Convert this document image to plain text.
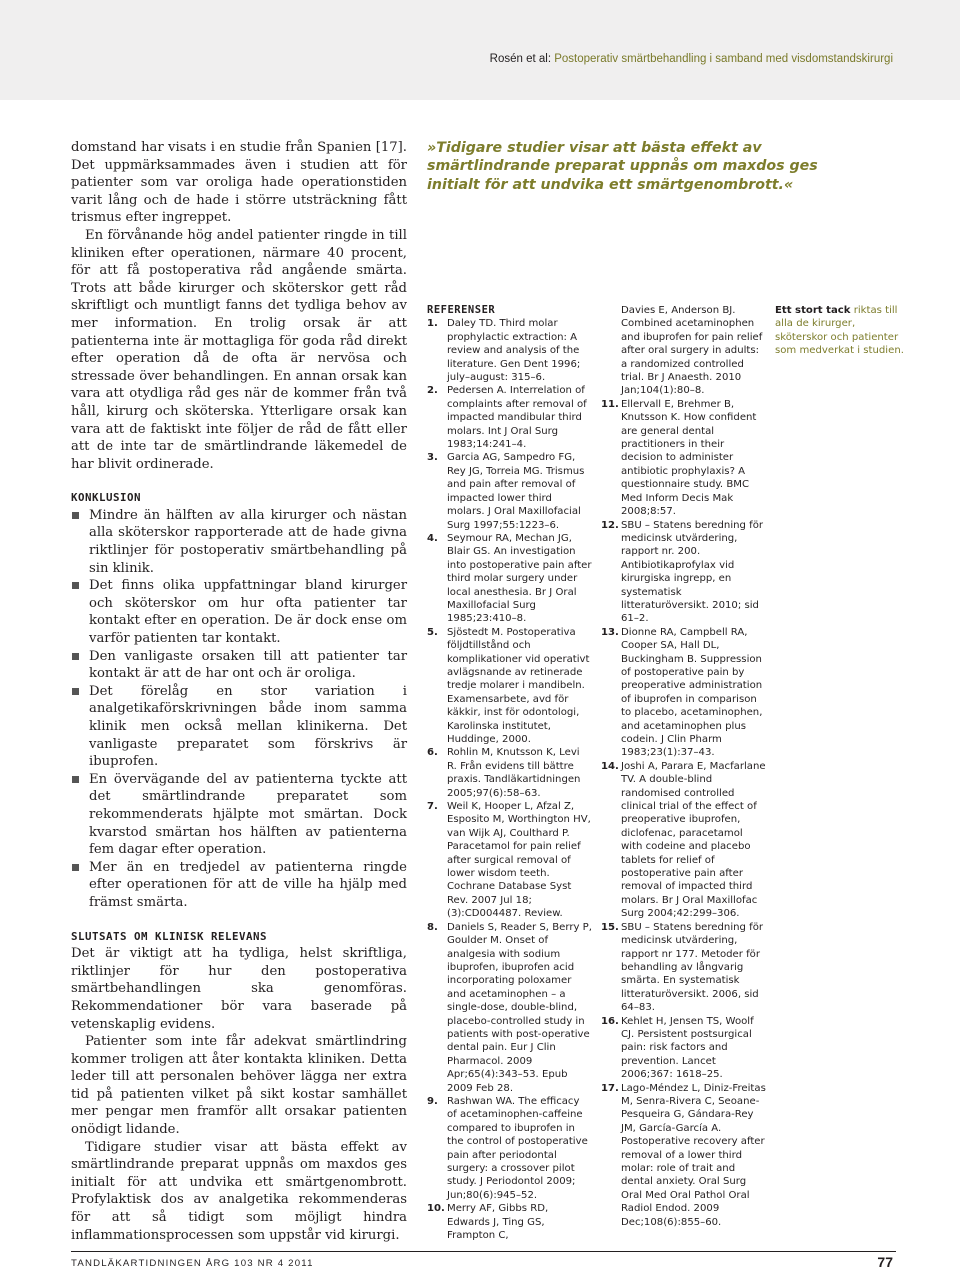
Rosén et al: Postoperativ smärtbehandling i samband med visdomstandskirurgi

domstand har visats i en studie från Spanien [17]. Det uppmärksammades även i studien att för patienter som var oroliga hade operationstiden varit lång och de hade i större utsträckning fått trismus efter ingreppet.

En förvånande hög andel patienter ringde in till kliniken efter operationen, närmare 40 procent, för att få postoperativa råd angående smärta. Trots att både kirurger och sköterskor gett råd skriftligt och muntligt fanns det tydliga behov av mer information. En trolig orsak är att patienterna inte är mottagliga för goda råd direkt efter operation då de ofta är nervösa och stressade över behandlingen. En annan orsak kan vara att otydliga råd ges när de kommer från två håll, kirurg och sköterska. Ytterligare orsak kan vara att de faktiskt inte följer de råd de fått eller att de inte tar de smärtlindrande läkemedel de har blivit ordinerade.

KONKLUSION

Mindre än hälften av alla kirurger och nästan alla sköterskor rapporterade att de hade givna riktlinjer för postoperativ smärtbehandling på sin klinik.
Det finns olika uppfattningar bland kirurger och sköterskor om hur ofta patienter tar kontakt efter en operation. De är dock ense om varför patienten tar kontakt.
Den vanligaste orsaken till att patienter tar kontakt är att de har ont och är oroliga.
Det förelåg en stor variation i analgetikaförskrivningen både inom samma klinik men också mellan klinikerna. Det vanligaste preparatet som förskrivs är ibuprofen.
En övervägande del av patienterna tyckte att det smärtlindrande preparatet som rekommenderats hjälpte mot smärtan. Dock kvarstod smärtan hos hälften av patienterna fem dagar efter operation.
Mer än en tredjedel av patienterna ringde efter operationen för att de ville ha hjälp med främst smärta.

SLUTSATS OM KLINISK RELEVANS

Det är viktigt att ha tydliga, helst skriftliga, riktlinjer för hur den postoperativa smärtbehandlingen ska genomföras. Rekommendationer bör vara baserade på vetenskaplig evidens.

Patienter som inte får adekvat smärtlindring kommer troligen att åter kontakta kliniken. Detta leder till att personalen behöver lägga ner extra tid på patienten vilket på sikt kostar samhället mer pengar men framför allt orsakar patienten onödigt lidande.

Tidigare studier visar att bästa effekt av smärtlindrande preparat uppnås om maxdos ges initialt för att undvika ett smärtgenombrott. Profylaktisk dos av analgetika rekommenderas för att så tidigt som möjligt hindra inflammationsprocessen som uppstår vid kirurgi.

»Tidigare studier visar att bästa effekt av smärtlindrande preparat uppnås om maxdos ges initialt för att undvika ett smärtgenombrott.«

REFERENSER

1. Daley TD. Third molar prophylactic extraction: A review and analysis of the literature. Gen Dent 1996; july–august: 315–6.
2. Pedersen A. Interrelation of complaints after removal of impacted mandibular third molars. Int J Oral Surg 1983;14:241–4.
3. Garcia AG, Sampedro FG, Rey JG, Torreia MG. Trismus and pain after removal of impacted lower third molars. J Oral Maxillofacial Surg 1997;55:1223–6.
4. Seymour RA, Mechan JG, Blair GS. An investigation into postoperative pain after third molar surgery under local anesthesia. Br J Oral Maxillofacial Surg 1985;23:410–8.
5. Sjöstedt M. Postoperativa följdtillstånd och komplikationer vid operativt avlägsnande av retinerade tredje molarer i mandibeln. Examensarbete, avd för käkkir, inst för odontologi, Karolinska institutet, Huddinge, 2000.
6. Rohlin M, Knutsson K, Levi R. Från evidens till bättre praxis. Tandläkartidningen 2005;97(6):58–63.
7. Weil K, Hooper L, Afzal Z, Esposito M, Worthington HV, van Wijk AJ, Coulthard P. Paracetamol for pain relief after surgical removal of lower wisdom teeth. Cochrane Database Syst Rev. 2007 Jul 18;(3):CD004487. Review.
8. Daniels S, Reader S, Berry P, Goulder M. Onset of analgesia with sodium ibuprofen, ibuprofen acid incorporating poloxamer and acetaminophen – a single-dose, double-blind, placebo-controlled study in patients with post-operative dental pain. Eur J Clin Pharmacol. 2009 Apr;65(4):343–53. Epub 2009 Feb 28.
9. Rashwan WA. The efficacy of acetaminophen-caffeine compared to ibuprofen in the control of postoperative pain after periodontal surgery: a crossover pilot study. J Periodontol 2009; Jun;80(6):945–52.
10. Merry AF, Gibbs RD, Edwards J, Ting GS, Frampton C,
Davies E, Anderson BJ. Combined acetaminophen and ibuprofen for pain relief after oral surgery in adults: a randomized controlled trial. Br J Anaesth. 2010 Jan;104(1):80–8.
11. Ellervall E, Brehmer B, Knutsson K. How confident are general dental practitioners in their decision to administer antibiotic prophylaxis? A questionnaire study. BMC Med Inform Decis Mak 2008;8:57.
12. SBU – Statens beredning för medicinsk utvärdering, rapport nr. 200. Antibiotikaprofylax vid kirurgiska ingrepp, en systematisk litteraturöversikt. 2010; sid 61–2.
13. Dionne RA, Campbell RA, Cooper SA, Hall DL, Buckingham B. Suppression of postoperative pain by preoperative administration of ibuprofen in comparison to placebo, acetaminophen, and acetaminophen plus codein. J Clin Pharm 1983;23(1):37–43.
14. Joshi A, Parara E, Macfarlane TV. A double-blind randomised controlled clinical trial of the effect of preoperative ibuprofen, diclofenac, paracetamol with codeine and placebo tablets for relief of postoperative pain after removal of impacted third molars. Br J Oral Maxillofac Surg 2004;42:299–306.
15. SBU – Statens beredning för medicinsk utvärdering, rapport nr 177. Metoder för behandling av långvarig smärta. En systematisk litteraturöversikt. 2006, sid 64–83.
16. Kehlet H, Jensen TS, Woolf CJ. Persistent postsurgical pain: risk factors and prevention. Lancet 2006;367: 1618–25.
17. Lago-Méndez L, Diniz-Freitas M, Senra-Rivera C, Seoane-Pesqueira G, Gándara-Rey JM, García-García A. Postoperative recovery after removal of a lower third molar: role of trait and dental anxiety. Oral Surg Oral Med Oral Pathol Oral Radiol Endod. 2009 Dec;108(6):855–60.
Ett stort tack riktas till alla de kirurger, sköterskor och patienter som medverkat i studien.
TANDLÄKARTIDNINGEN ÅRG 103 NR 4 2011	77
